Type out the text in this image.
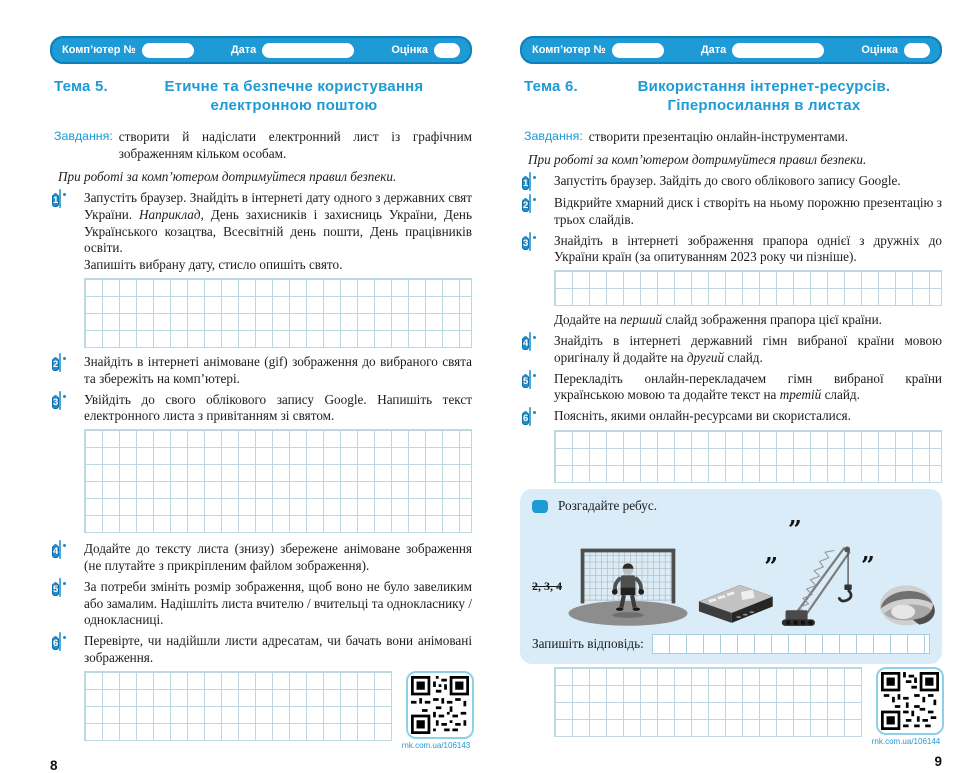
Комп’ютер №	Дата	Оцінка
Тема 5.	Етичне та безпечне користування
електронною поштою
Завдання: створити й надіслати електронний лист із графічним зображенням кільком особам.
При роботі за комп’ютером дотримуйтеся правил безпеки.
1	Запустіть браузер. Знайдіть в інтернеті дату одного з державних свят України. Наприклад, День захисників і захисниць України, День Українського козацтва, Всесвітній день пошти, День працівників освіти.
Запишіть вибрану дату, стисло опишіть свято.
2	Знайдіть в інтернеті анімоване (gif) зображення до вибраного свята та збережіть на комп’ютері.
3	Увійдіть до свого облікового запису Google. Напишіть текст електронного листа з привітанням зі святом.
4	Додайте до тексту листа (знизу) збережене анімоване зображення (не плутайте з прикріпленим файлом зображення).
5	За потреби змініть розмір зображення, щоб воно не було завеликим або замалим. Надішліть листа вчителю / вчительці та однокласнику / однокласниці.
6	Перевірте, чи надійшли листи адресатам, чи бачать вони анімовані зображення.
rnk.com.ua/106143
8
Комп’ютер №	Дата	Оцінка
Тема 6.	Використання інтернет-ресурсів.
Гіперпосилання в листах
Завдання: створити презентацію онлайн-інструментами.
При роботі за комп’ютером дотримуйтеся правил безпеки.
1	Запустіть браузер. Зайдіть до свого облікового запису Google.
2	Відкрийте хмарний диск і створіть на ньому порожню презентацію з трьох слайдів.
3	Знайдіть в інтернеті зображення прапора однієї з дружніх до України країн (за опитуванням 2023 року чи пізніше).
Додайте на перший слайд зображення прапора цієї країни.
4	Знайдіть в інтернеті державний гімн вибраної країни мовою оригіналу й додайте на другий слайд.
5	Перекладіть онлайн-перекладачем гімн вибраної країни українською мовою та додайте текст на третій слайд.
6	Поясніть, якими онлайн-ресурсами ви скористалися.
Розгадайте ребус.
2, 3, 4
”
”
”
Запишіть відповідь:
rnk.com.ua/106144
9
